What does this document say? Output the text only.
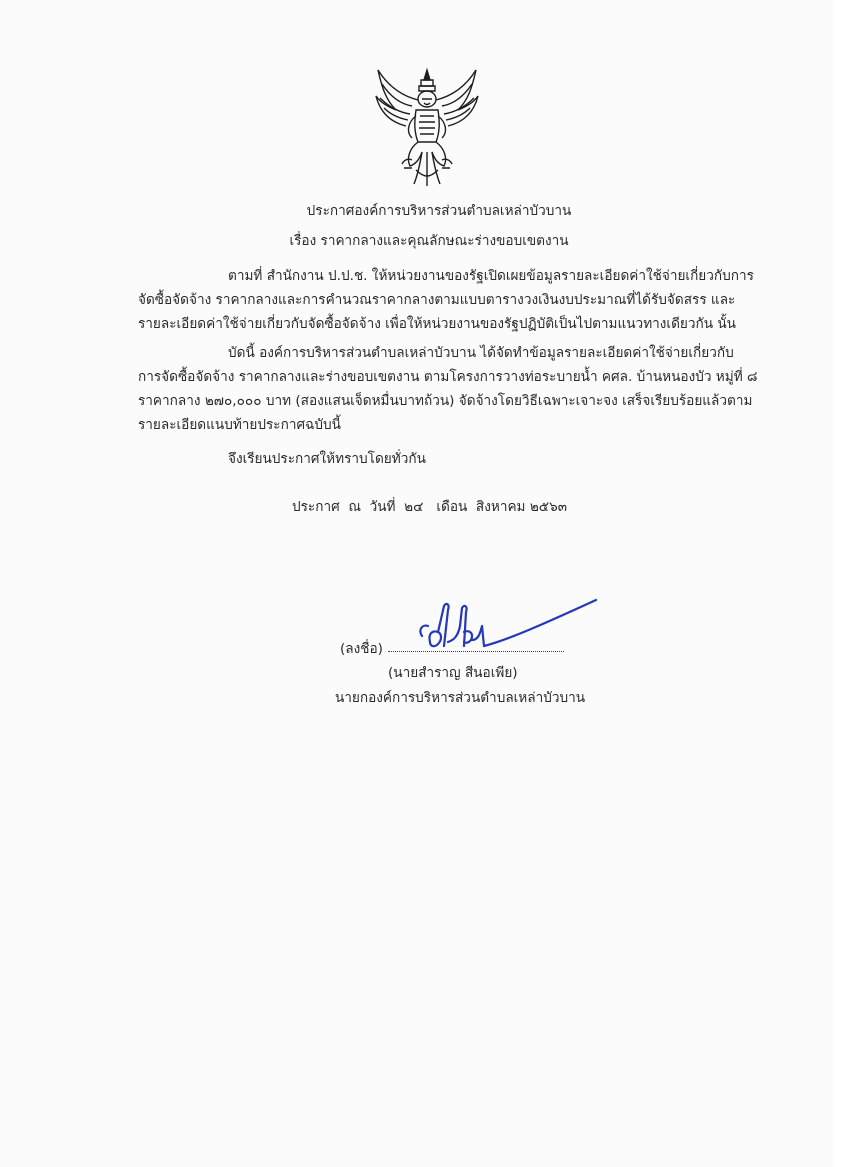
ประกาศองค์การบริหารส่วนตำบลเหล่าบัวบาน
เรื่อง ราคากลางและคุณลักษณะร่างขอบเขตงาน
ตามที่ สำนักงาน ป.ป.ช. ให้หน่วยงานของรัฐเปิดเผยข้อมูลรายละเอียดค่าใช้จ่ายเกี่ยวกับการ
จัดซื้อจัดจ้าง ราคากลางและการคำนวณราคากลางตามแบบตารางวงเงินงบประมาณที่ได้รับจัดสรร และ
รายละเอียดค่าใช้จ่ายเกี่ยวกับจัดซื้อจัดจ้าง เพื่อให้หน่วยงานของรัฐปฏิบัติเป็นไปตามแนวทางเดียวกัน นั้น
บัดนี้ องค์การบริหารส่วนตำบลเหล่าบัวบาน ได้จัดทำข้อมูลรายละเอียดค่าใช้จ่ายเกี่ยวกับ
การจัดซื้อจัดจ้าง ราคากลางและร่างขอบเขตงาน ตามโครงการวางท่อระบายน้ำ คศล. บ้านหนองบัว หมู่ที่ ๘
ราคากลาง ๒๗๐,๐๐๐ บาท (สองแสนเจ็ดหมื่นบาทถ้วน) จัดจ้างโดยวิธีเฉพาะเจาะจง เสร็จเรียบร้อยแล้วตาม
รายละเอียดแนบท้ายประกาศฉบับนี้
จึงเรียนประกาศให้ทราบโดยทั่วกัน
ประกาศ  ณ  วันที่  ๒๔   เดือน  สิงหาคม ๒๕๖๓
(ลงชื่อ)
(นายสำราญ สีนอเพีย)
นายกองค์การบริหารส่วนตำบลเหล่าบัวบาน
